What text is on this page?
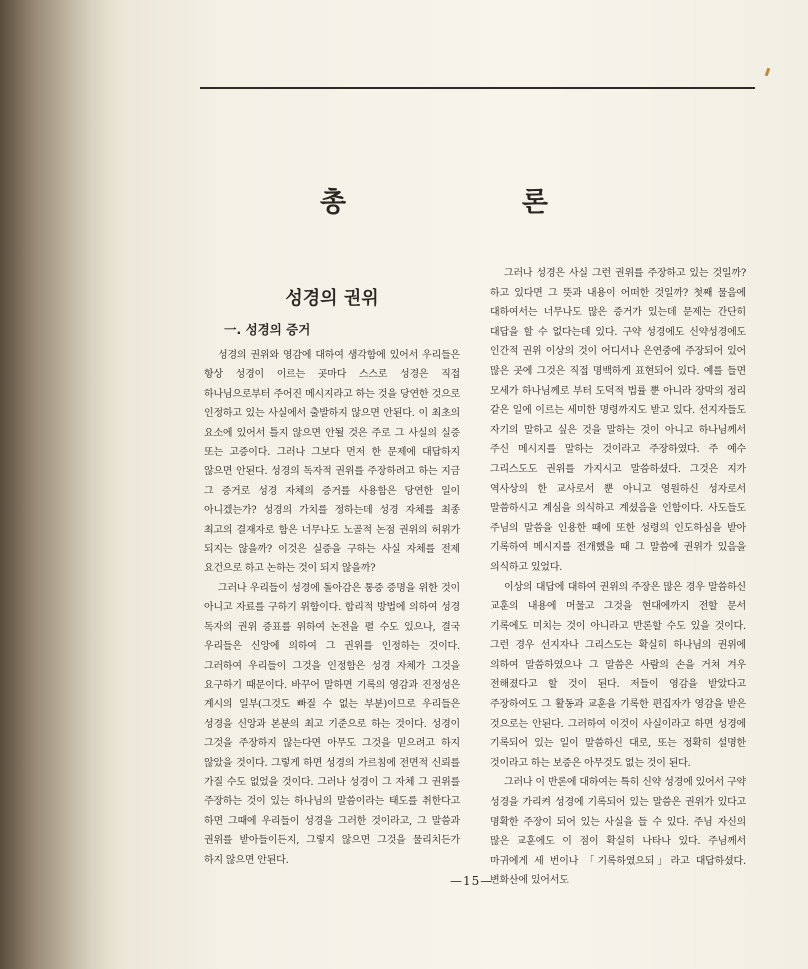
총	론
성경의 권위
一. 성경의 증거

성경의 권위와 영감에 대하여 생각함에 있어서 우리들은 항상 성경이 이르는 곳마다 스스로 성경은 직접 하나님으로부터 주어진 메시지라고 하는 것을 당연한 것으로 인정하고 있는 사실에서 출발하지 않으면 안된다. 이 최초의 요소에 있어서 틀지 않으면 안될 것은 주로 그 사실의 실증 또는 고증이다. 그러나 그보다 먼저 한 문제에 대답하지 않으면 안된다. 성경의 독자적 권위를 주장하려고 하는 지금 그 증거로 성경 자체의 증거를 사용함은 당연한 일이 아니겠는가? 성경의 가치를 정하는데 성경 자체를 최종 최고의 결재자로 함은 너무나도 노골적 논점 권위의 허위가 되지는 않을까? 이것은 실증을 구하는 사실 자체를 전제 요건으로 하고 논하는 것이 되지 않을까?

그러나 우리들이 성경에 돌아감은 통증 증명을 위한 것이 아니고 자료를 구하기 위함이다. 합리적 방법에 의하여 성경 독자의 권위 증표를 위하여 논전을 펼 수도 있으나, 결국 우리들은 신앙에 의하여 그 권위를 인정하는 것이다. 그러하여 우리들이 그것을 인정함은 성경 자체가 그것을 요구하기 때문이다. 바꾸어 말하면 기록의 영감과 진정성은 계시의 일부(그것도 빠질 수 없는 부분)이므로 우리들은 성경을 신앙과 본분의 최고 기준으로 하는 것이다. 성경이 그것을 주장하지 않는다면 아무도 그것을 믿으려고 하지 않았을 것이다. 그렇게 하면 성경의 가르침에 전면적 신뢰를 가질 수도 없었을 것이다. 그러나 성경이 그 자체 그 권위를 주장하는 것이 있는 하나님의 말씀이라는 태도를 취한다고 하면 그때에 우리들이 성경을 그러한 것이라고, 그 말씀과 권위를 받아들이든지, 그렇지 않으면 그것을 물리치든가 하지 않으면 안된다.

그러나 성경은 사실 그런 권위를 주장하고 있는 것일까? 하고 있다면 그 뜻과 내용이 어떠한 것일까? 첫째 물음에 대하여서는 너무나도 많은 증거가 있는데 문제는 간단히 대답을 할 수 없다는데 있다. 구약 성경에도 신약성경에도 인간적 권위 이상의 것이 어디서나 은연중에 주장되어 있어 많은 곳에 그것은 직접 명백하게 표현되어 있다. 예를 들면 모세가 하나님께로 부터 도덕적 법률 뿐 아니라 장막의 정리 같은 일에 이르는 세미한 명령까지도 받고 있다. 선지자들도 자기의 말하고 싶은 것을 말하는 것이 아니고 하나님께서 주신 메시지를 말하는 것이라고 주장하였다. 주 예수 그리스도도 권위를 가지시고 말씀하셨다. 그것은 지가 역사상의 한 교사로서 뿐 아니고 영원하신 성자로서 말씀하시고 계심을 의식하고 계셨음을 인함이다. 사도들도 주님의 말씀을 인용한 때에 또한 성령의 인도하심을 받아 기록하여 메시지를 전개했을 때 그 말씀에 권위가 있음을 의식하고 있었다.

이상의 대답에 대하여 권위의 주장은 많은 경우 말씀하신 교훈의 내용에 머물고 그것을 현대에까지 전할 문서 기록에도 미치는 것이 아니라고 반론할 수도 있을 것이다. 그런 경우 선지자나 그리스도는 확실히 하나님의 권위에 의하여 말씀하였으나 그 말씀은 사람의 손을 거쳐 겨우 전해졌다고 할 것이 된다. 저들이 영감을 받았다고 주장하여도 그 활동과 교훈을 기록한 편집자가 영감을 받은 것으로는 안된다. 그러하여 이것이 사실이라고 하면 성경에 기록되어 있는 일이 말씀하신 대로, 또는 정확히 설명한 것이라고 하는 보증은 아무것도 없는 것이 된다.

그러나 이 반론에 대하여는 특히 신약 성경에 있어서 구약 성경을 가리켜 성경에 기록되어 있는 말씀은 권위가 있다고 명확한 주장이 되어 있는 사실을 들 수 있다. 주님 자신의 많은 교훈에도 이 점이 확실히 나타나 있다. 주님께서 마귀에게 세 번이나 「기록하였으되」라고 대답하셨다. 변화산에 있어서도

—15—
